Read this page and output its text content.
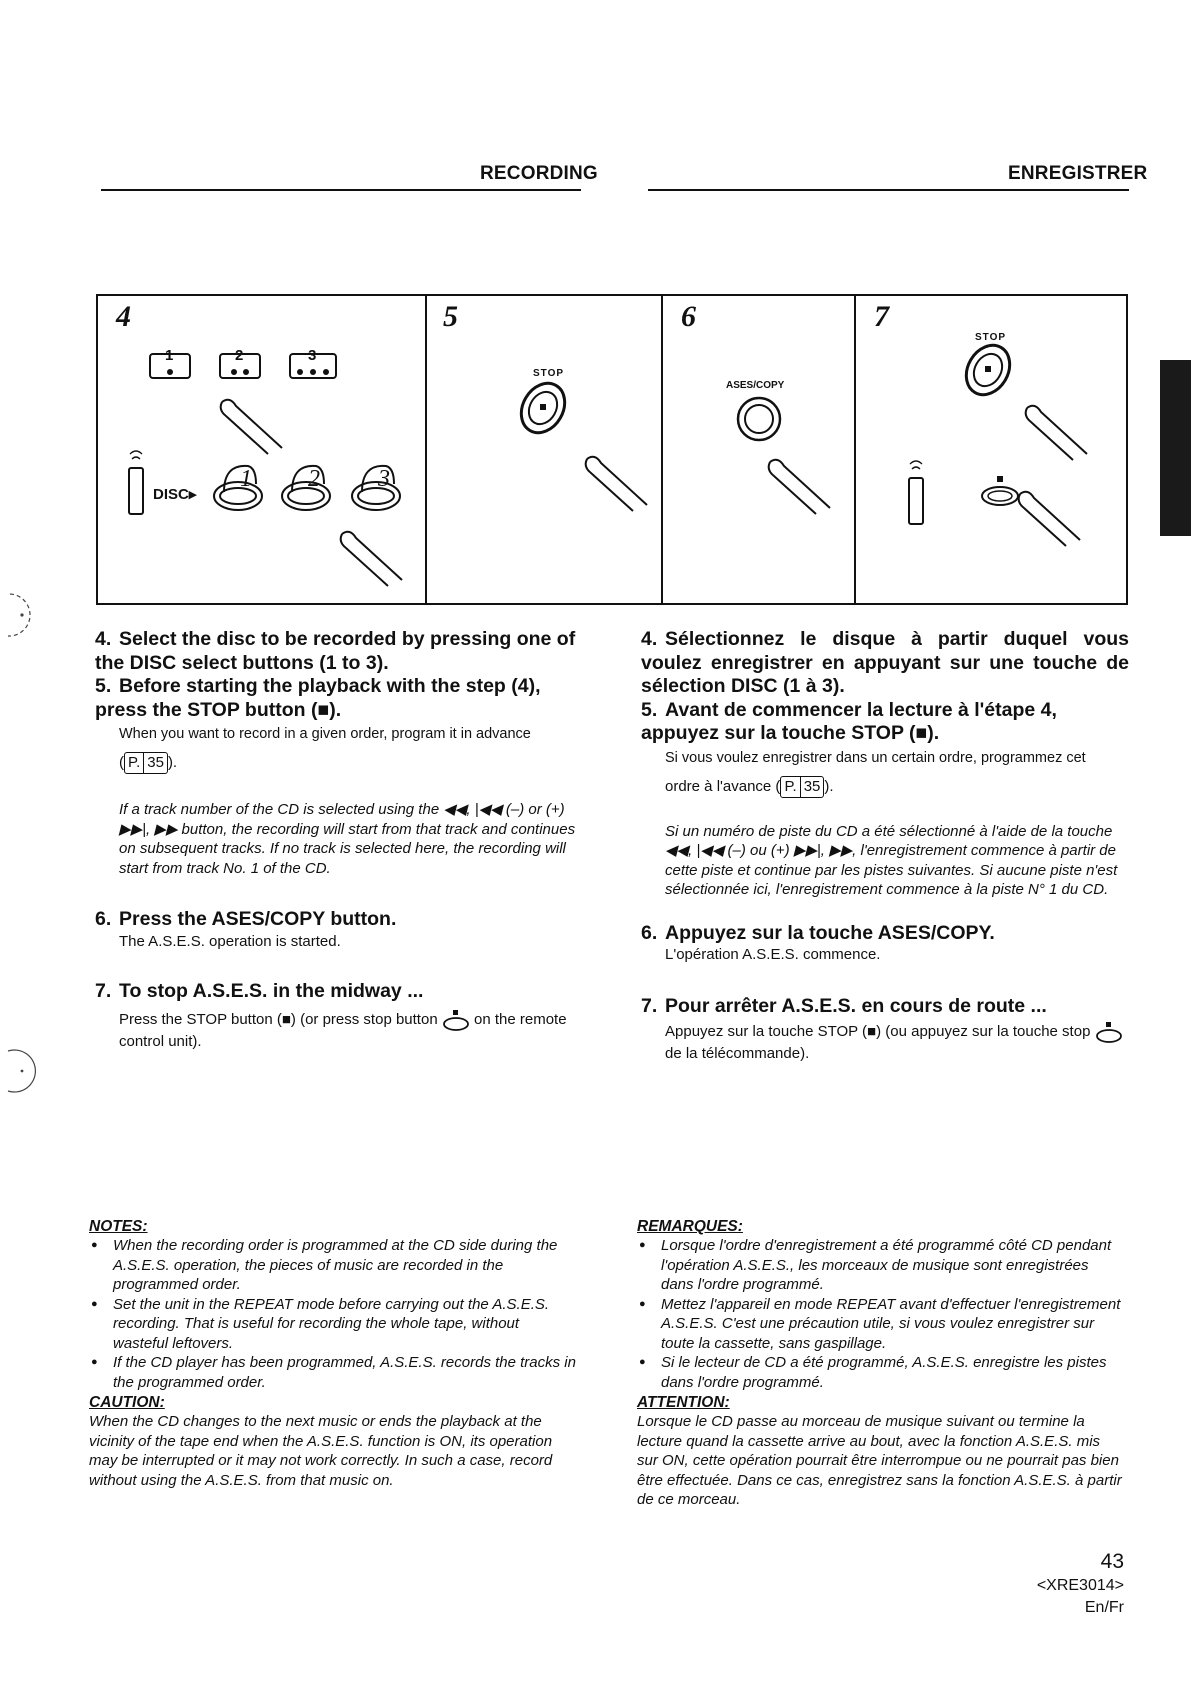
RECORDING	ENREGISTRER
4
1	2	3
DISC▸
1 2 3
5
STOP
6
ASES/COPY
7
STOP

4. Select the disc to be recorded by pressing one of the DISC select buttons (1 to 3).

5. Before starting the playback with the step (4), press the STOP button (■).

When you want to record in a given order, program it in advance

( P. 35 ).

If a track number of the CD is selected using the ◀◀, |◀◀ (–) or (+) ▶▶|, ▶▶ button, the recording will start from that track and continues on subsequent tracks. If no track is selected here, the recording will start from track No. 1 of the CD.

6. Press the ASES/COPY button.

The A.S.E.S. operation is started.

7. To stop A.S.E.S. in the midway ...

Press the STOP button (■) (or press stop button on the remote control unit).

4. Sélectionnez le disque à partir duquel vous voulez enregistrer en appuyant sur une touche de sélection DISC (1 à 3).

5. Avant de commencer la lecture à l'étape 4, appuyez sur la touche STOP (■).

Si vous voulez enregistrer dans un certain ordre, programmez cet

ordre à l'avance ( P. 35 ).

Si un numéro de piste du CD a été sélectionné à l'aide de la touche ◀◀, |◀◀ (–) ou (+) ▶▶|, ▶▶, l'enregistrement commence à partir de cette piste et continue par les pistes suivantes. Si aucune piste n'est sélectionnée ici, l'enregistrement commence à la piste N° 1 du CD.

6. Appuyez sur la touche ASES/COPY.

L'opération A.S.E.S. commence.

7. Pour arrêter A.S.E.S. en cours de route ...

Appuyez sur la touche STOP (■) (ou appuyez sur la touche stop  de la télécommande).

NOTES:

● When the recording order is programmed at the CD side during the A.S.E.S. operation, the pieces of music are recorded in the programmed order.

● Set the unit in the REPEAT mode before carrying out the A.S.E.S. recording. That is useful for recording the whole tape, without wasteful leftovers.

● If the CD player has been programmed, A.S.E.S. records the tracks in the programmed order.

CAUTION:

When the CD changes to the next music or ends the playback at the vicinity of the tape end when the A.S.E.S. function is ON, its operation may be interrupted or it may not work correctly. In such a case, record without using the A.S.E.S. from that music on.

REMARQUES:

● Lorsque l'ordre d'enregistrement a été programmé côté CD pendant l'opération A.S.E.S., les morceaux de musique sont enregistrées dans l'ordre programmé.

● Mettez l'appareil en mode REPEAT avant d'effectuer l'enregistrement A.S.E.S. C'est une précaution utile, si vous voulez enregistrer sur toute la cassette, sans gaspillage.

● Si le lecteur de CD a été programmé, A.S.E.S. enregistre les pistes dans l'ordre programmé.

ATTENTION:

Lorsque le CD passe au morceau de musique suivant ou termine la lecture quand la cassette arrive au bout, avec la fonction A.S.E.S. mis sur ON, cette opération pourrait être interrompue ou ne pourrait pas bien être effectuée. Dans ce cas, enregistrez sans la fonction A.S.E.S. à partir de ce morceau.

43
<XRE3014>
En/Fr
